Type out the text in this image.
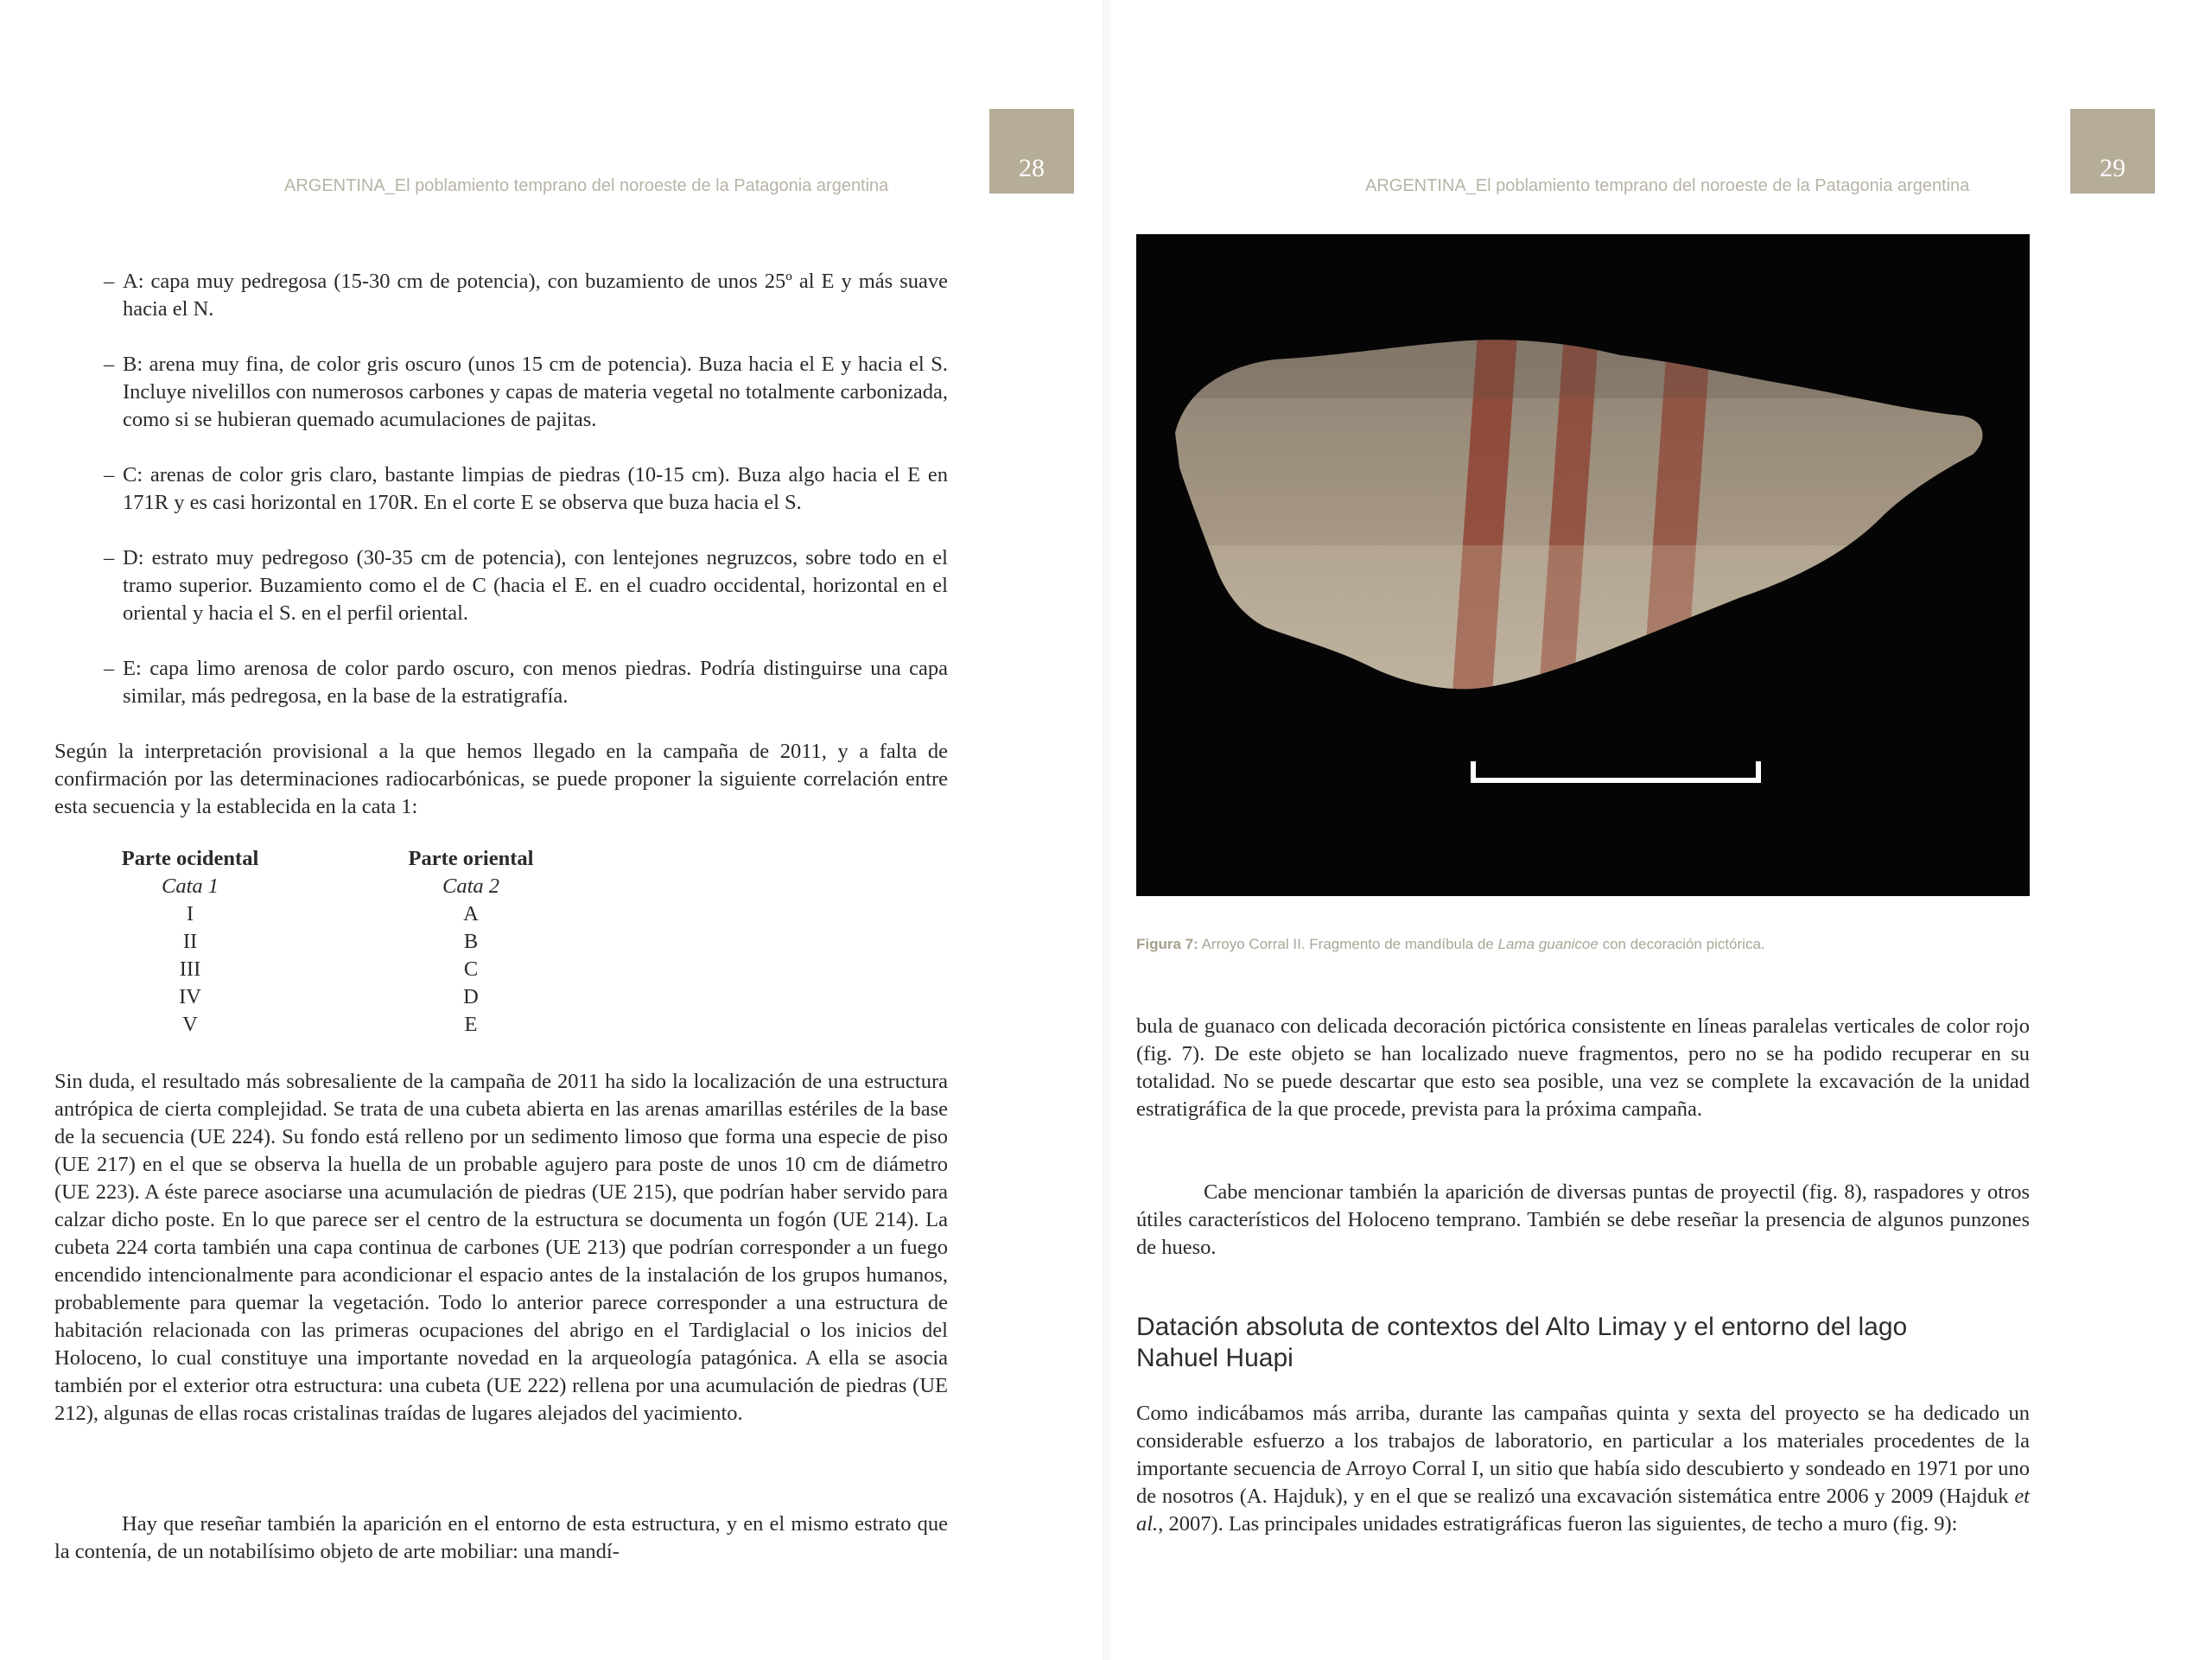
ARGENTINA_El poblamiento temprano del noroeste de la Patagonia argentina
28
– A: capa muy pedregosa (15-30 cm de potencia), con buzamiento de unos 25º al E y más suave hacia el N.
– B: arena muy fina, de color gris oscuro (unos 15 cm de potencia). Buza hacia el E y hacia el S. Incluye nivelillos con numerosos carbones y capas de materia vegetal no totalmente carbonizada, como si se hubieran quemado acumulaciones de pajitas.
– C: arenas de color gris claro, bastante limpias de piedras (10-15 cm). Buza algo hacia el E en 171R y es casi horizontal en 170R. En el corte E se observa que buza hacia el S.
– D: estrato muy pedregoso (30-35 cm de potencia), con lentejones negruzcos, sobre todo en el tramo superior. Buzamiento como el de C (hacia el E. en el cuadro occidental, horizontal en el oriental y hacia el S. en el perfil oriental.
– E: capa limo arenosa de color pardo oscuro, con menos piedras. Podría distinguirse una capa similar, más pedregosa, en la base de la estratigrafía.

Según la interpretación provisional a la que hemos llegado en la campaña de 2011, y a falta de confirmación por las determinaciones radiocarbónicas, se puede proponer la siguiente correlación entre esta secuencia y la establecida en la cata 1:

Parte ocidental	Parte oriental
Cata 1	Cata 2
I	A
II	B
III	C
IV	D
V	E

Sin duda, el resultado más sobresaliente de la campaña de 2011 ha sido la localización de una estructura antrópica de cierta complejidad. Se trata de una cubeta abierta en las arenas amarillas estériles de la base de la secuencia (UE 224). Su fondo está relleno por un sedimento limoso que forma una especie de piso (UE 217) en el que se observa la huella de un probable agujero para poste de unos 10 cm de diámetro (UE 223). A éste parece asociarse una acumulación de piedras (UE 215), que podrían haber servido para calzar dicho poste. En lo que parece ser el centro de la estructura se documenta un fogón (UE 214). La cubeta 224 corta también una capa continua de carbones (UE 213) que podrían corresponder a un fuego encendido intencionalmente para acondicionar el espacio antes de la instalación de los grupos humanos, probablemente para quemar la vegetación. Todo lo anterior parece corresponder a una estructura de habitación relacionada con las primeras ocupaciones del abrigo en el Tardiglacial o los inicios del Holoceno, lo cual constituye una importante novedad en la arqueología patagónica. A ella se asocia también por el exterior otra estructura: una cubeta (UE 222) rellena por una acumulación de piedras (UE 212), algunas de ellas rocas cristalinas traídas de lugares alejados del yacimiento.

Hay que reseñar también la aparición en el entorno de esta estructura, y en el mismo estrato que la contenía, de un notabilísimo objeto de arte mobiliar: una mandí-

ARGENTINA_El poblamiento temprano del noroeste de la Patagonia argentina
29
Figura 7: Arroyo Corral II. Fragmento de mandíbula de Lama guanicoe con decoración pictórica.

bula de guanaco con delicada decoración pictórica consistente en líneas paralelas verticales de color rojo (fig. 7). De este objeto se han localizado nueve fragmentos, pero no se ha podido recuperar en su totalidad. No se puede descartar que esto sea posible, una vez se complete la excavación de la unidad estratigráfica de la que procede, prevista para la próxima campaña.

Cabe mencionar también la aparición de diversas puntas de proyectil (fig. 8), raspadores y otros útiles característicos del Holoceno temprano. También se debe reseñar la presencia de algunos punzones de hueso.

Datación absoluta de contextos del Alto Limay y el entorno del lago Nahuel Huapi

Como indicábamos más arriba, durante las campañas quinta y sexta del proyecto se ha dedicado un considerable esfuerzo a los trabajos de laboratorio, en particular a los materiales procedentes de la importante secuencia de Arroyo Corral I, un sitio que había sido descubierto y sondeado en 1971 por uno de nosotros (A. Hajduk), y en el que se realizó una excavación sistemática entre 2006 y 2009 (Hajduk et al., 2007). Las principales unidades estratigráficas fueron las siguientes, de techo a muro (fig. 9):
